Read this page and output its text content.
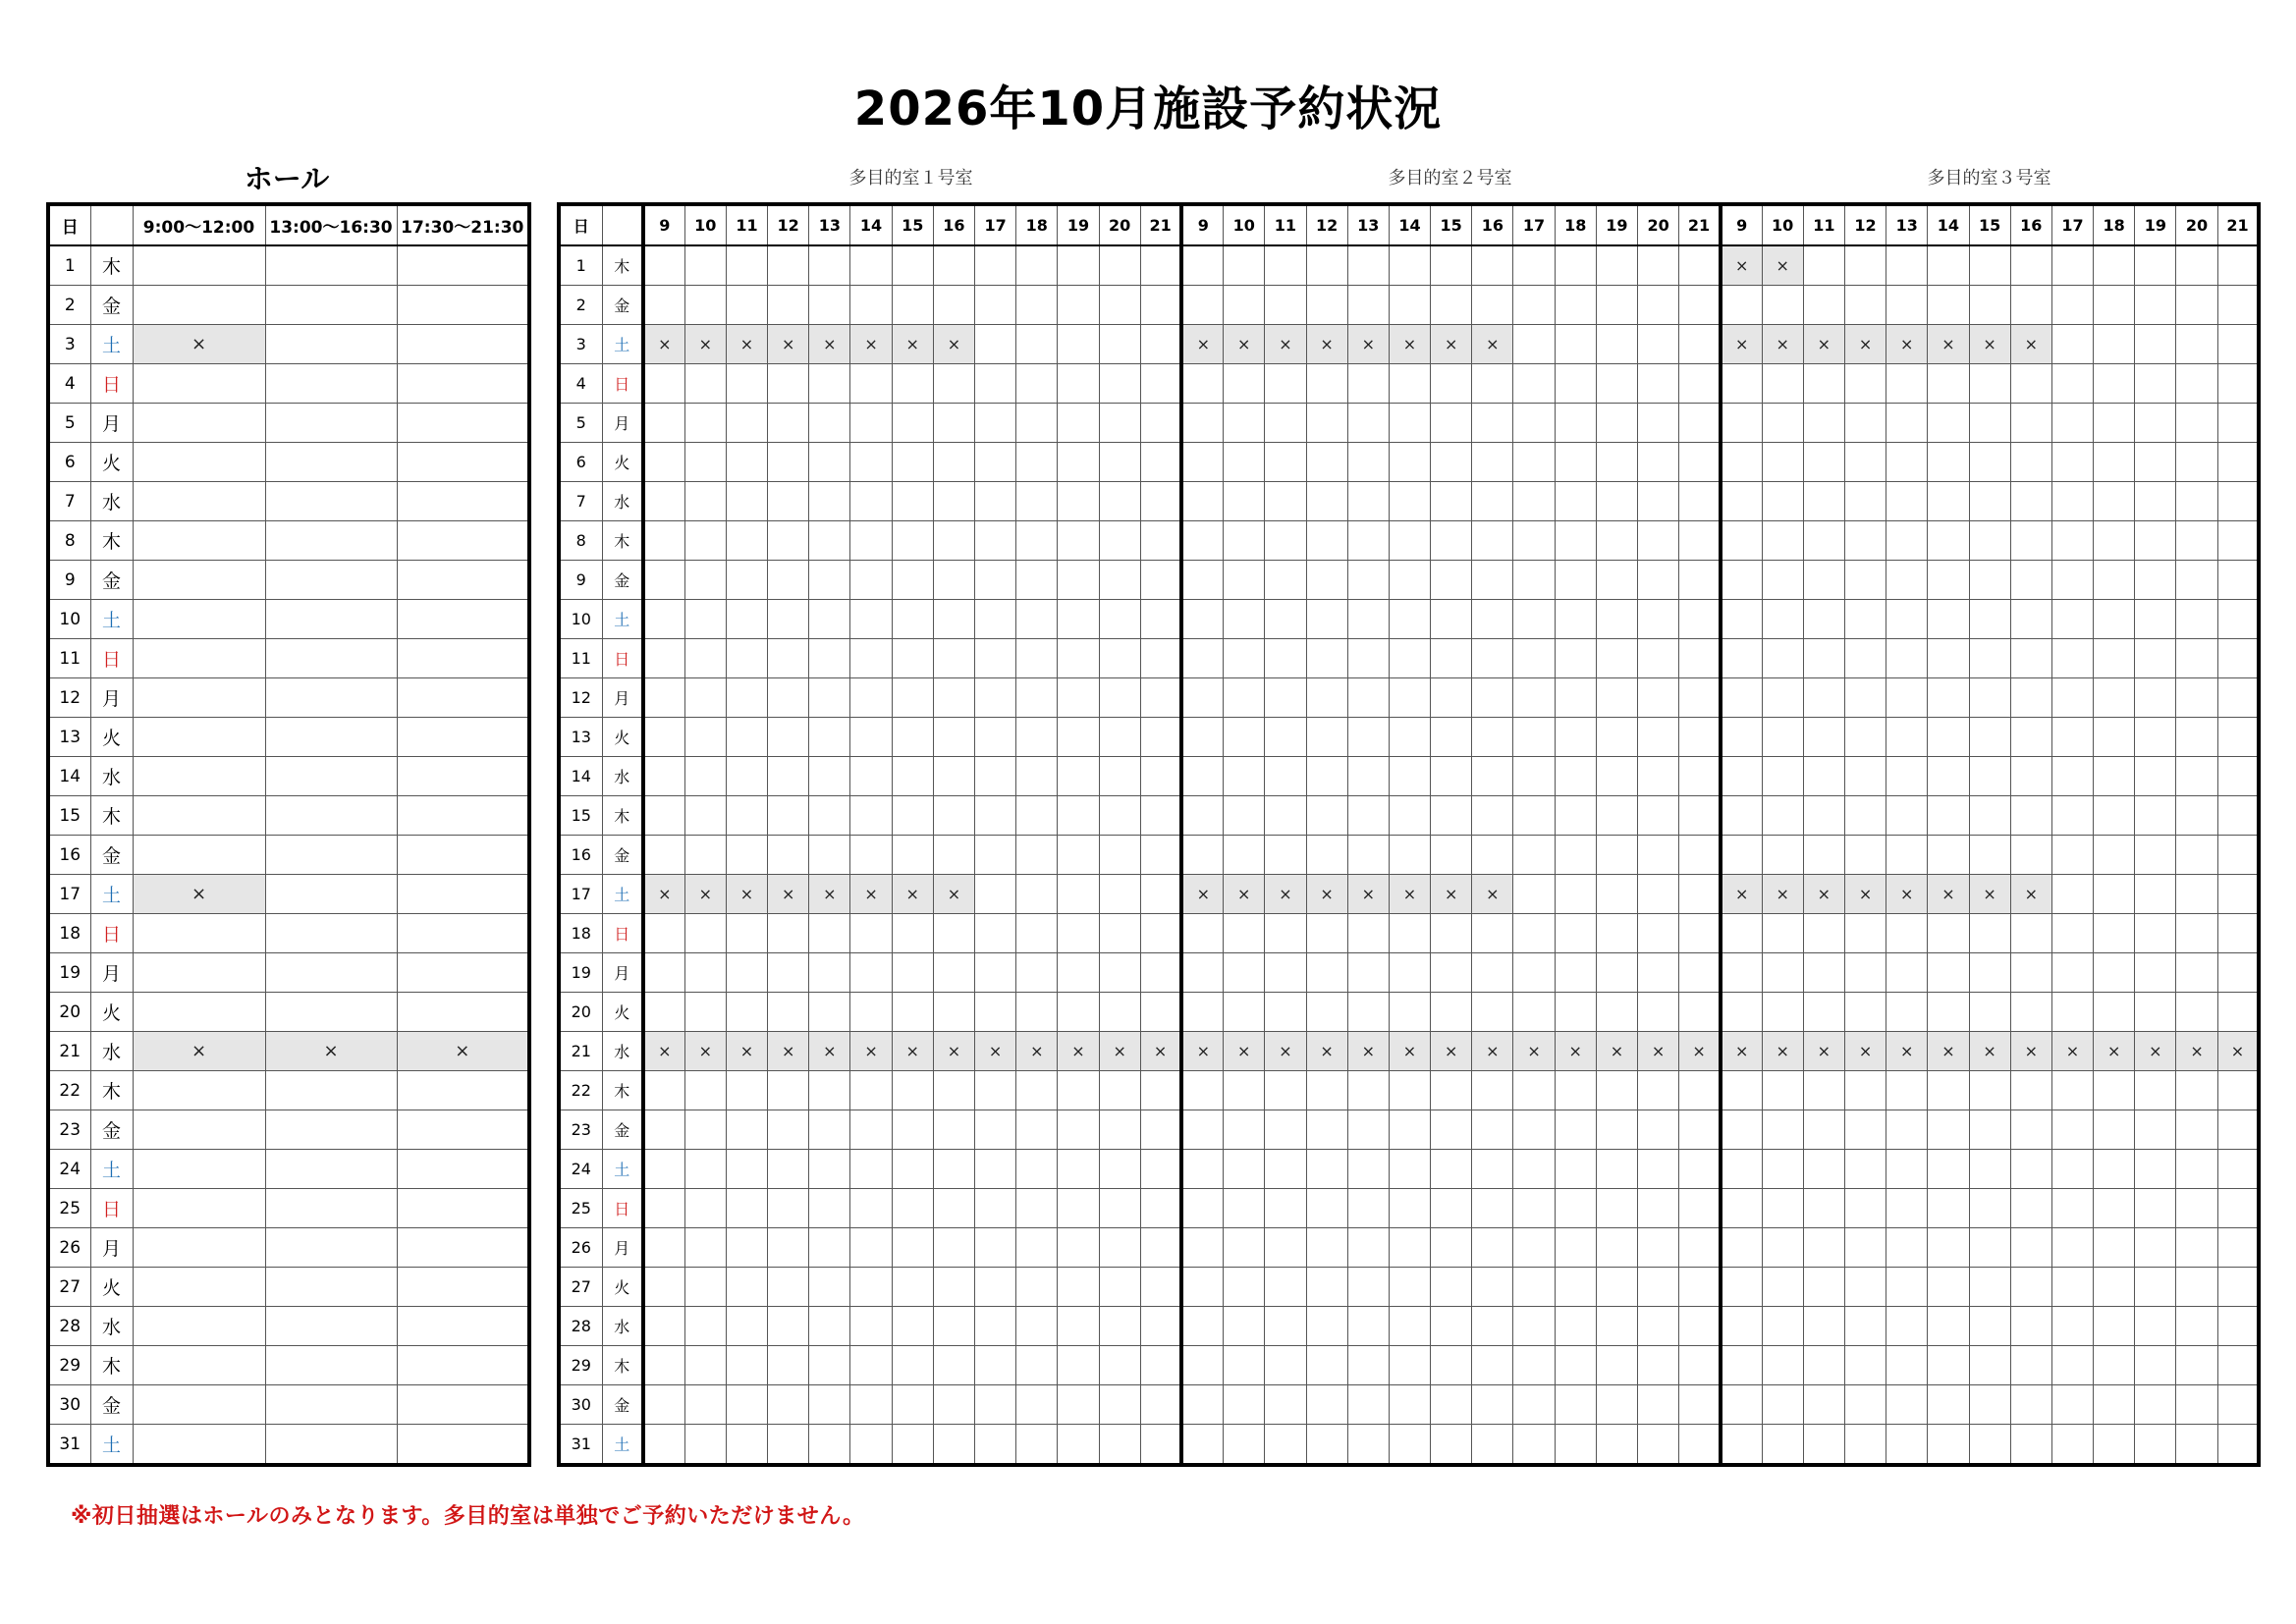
2026年10月施設予約状況
ホール	多目的室１号室	多目的室２号室	多目的室３号室
日		9:00～12:00	13:00～16:30	17:30～21:30
1	木			
2	金			
3	土	×		
4	日			
5	月			
6	火			
7	水			
8	木			
9	金			
10	土			
11	日			
12	月			
13	火			
14	水			
15	木			
16	金			
17	土	×		
18	日			
19	月			
20	火			
21	水	×	×	×
22	木			
23	金			
24	土			
25	日			
26	月			
27	火			
28	水			
29	木			
30	金			
31	土			
日		9	10	11	12	13	14	15	16	17	18	19	20	21	9	10	11	12	13	14	15	16	17	18	19	20	21	9	10	11	12	13	14	15	16	17	18	19	20	21
1	木																											×	×											
2	金																																							
3	土	×	×	×	×	×	×	×	×						×	×	×	×	×	×	×	×						×	×	×	×	×	×	×	×					
4	日																																							
5	月																																							
6	火																																							
7	水																																							
8	木																																							
9	金																																							
10	土																																							
11	日																																							
12	月																																							
13	火																																							
14	水																																							
15	木																																							
16	金																																							
17	土	×	×	×	×	×	×	×	×						×	×	×	×	×	×	×	×						×	×	×	×	×	×	×	×					
18	日																																							
19	月																																							
20	火																																							
21	水	×	×	×	×	×	×	×	×	×	×	×	×	×	×	×	×	×	×	×	×	×	×	×	×	×	×	×	×	×	×	×	×	×	×	×	×	×	×	×
22	木																																							
23	金																																							
24	土																																							
25	日																																							
26	月																																							
27	火																																							
28	水																																							
29	木																																							
30	金																																							
31	土																																							
※初日抽選はホールのみとなります。多目的室は単独でご予約いただけません。
